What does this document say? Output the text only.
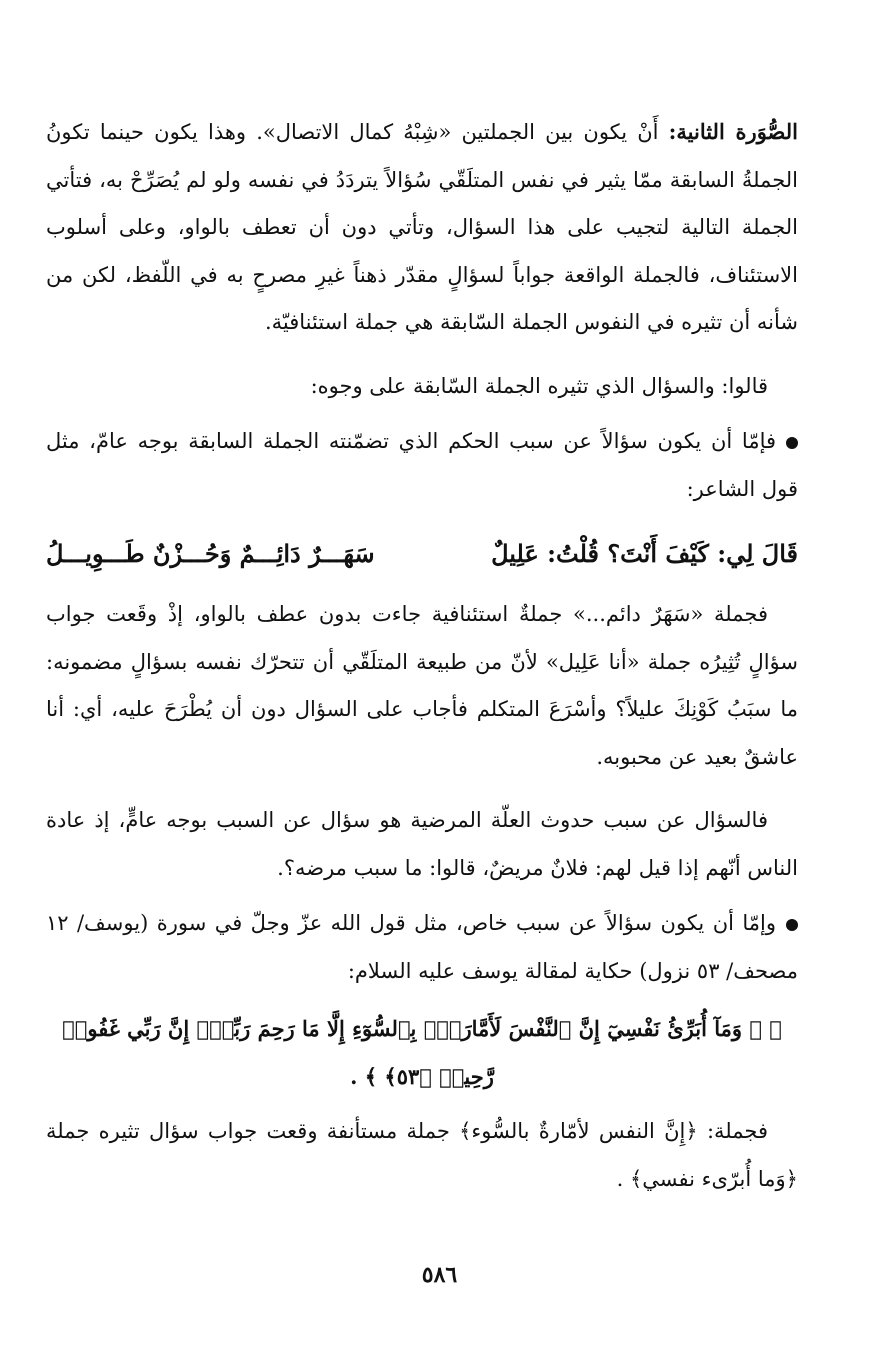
الصُّوَرة الثانية: أَنْ يكون بين الجملتين «شِبْهُ كمال الاتصال». وهذا يكون حينما تكونُ الجملةُ السابقة ممّا يثير في نفس المتلَقّي سُؤالاً يتردَدُ في نفسه ولو لم يُصَرِّحْ به، فتأتي الجملة التالية لتجيب على هذا السؤال، وتأتي دون أن تعطف بالواو، وعلى أسلوب الاستئناف، فالجملة الواقعة جواباً لسؤالٍ مقدّر ذهناً غيرِ مصرحٍ به في اللّفظ، لكن من شأنه أن تثيره في النفوس الجملة السّابقة هي جملة استئنافيّة.

قالوا: والسؤال الذي تثيره الجملة السّابقة على وجوه:

فإمّا أن يكون سؤالاً عن سبب الحكم الذي تضمّنته الجملة السابقة بوجه عامّ، مثل قول الشاعر:

قَالَ لِي: كَيْفَ أَنْتَ؟ قُلْتُ: عَلِيلٌ
سَهَـــرٌ دَائِـــمٌ وَحُـــزْنٌ طَـــوِيـــلُ

فجملة «سَهَرٌ دائم...» جملةٌ استئنافية جاءت بدون عطف بالواو، إذْ وقَعت جواب سؤالٍ تُثِيرُه جملة «أنا عَلِيل» لأنّ من طبيعة المتلَقّي أن تتحرّك نفسه بسؤالٍ مضمونه: ما سبَبُ كَوْنِكَ عليلاً؟ وأسْرَعَ المتكلم فأجاب على السؤال دون أن يُطْرَحَ عليه، أي: أنا عاشقٌ بعيد عن محبوبه.

فالسؤال عن سبب حدوث العلّة المرضية هو سؤال عن السبب بوجه عامٍّ، إذ عادة الناس أنّهم إذا قيل لهم: فلانٌ مريضٌ، قالوا: ما سبب مرضه؟.

وإمّا أن يكون سؤالاً عن سبب خاص، مثل قول الله عزّ وجلّ في سورة (يوسف/ ١٢ مصحف/ ٥٣ نزول) حكاية لمقالة يوسف عليه السلام:

﴿ ۞ وَمَآ أُبَرِّئُ نَفْسِيٓ إِنَّ ٱلنَّفْسَ لَأَمَّارَةُۢ بِٱلسُّوٓءِ إِلَّا مَا رَحِمَ رَبِّيٓۚ إِنَّ رَبِّي غَفُورٞ رَّحِيمٞ ﴿٥٣﴾ ﴾ .

فجملة: ﴿إِنَّ النفس لأمّارةٌ بالسُّوء﴾ جملة مستأنفة وقعت جواب سؤال تثيره جملة ﴿وَما أُبرّىء نفسي﴾ .

٥٨٦
